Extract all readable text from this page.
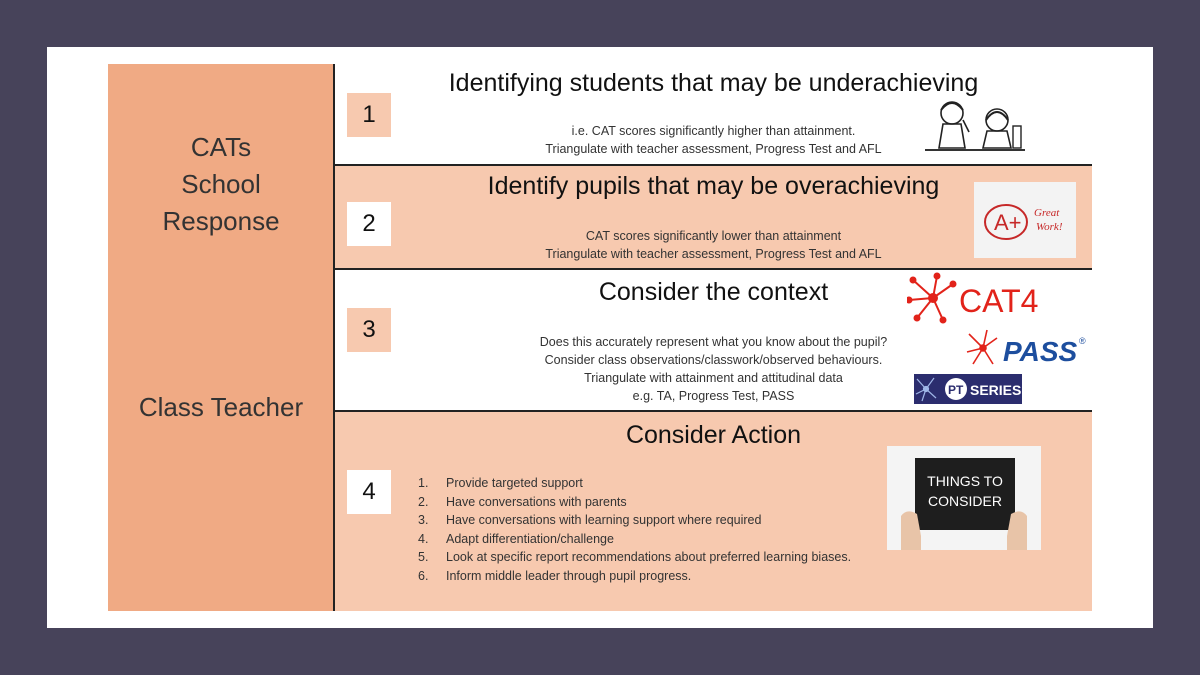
CATs
School
Response
Class Teacher
1
Identifying students that may be underachieving
i.e. CAT scores significantly higher than attainment.
Triangulate with teacher assessment, Progress Test and AFL
2
Identify pupils that may be overachieving
CAT scores significantly lower than attainment
Triangulate with teacher assessment, Progress Test and AFL
A+ Great
Work!
3
Consider the context
Does this accurately represent what you know about the pupil?
Consider class observations/classwork/observed behaviours.
Triangulate with attainment and attitudinal data
e.g. TA, Progress Test, PASS
CAT4
PASS ®
PT SERIES
4
Consider Action
1. Provide targeted support
2. Have conversations with parents
3. Have conversations with learning support where required
4. Adapt differentiation/challenge
5. Look at specific report recommendations about preferred learning biases.
6. Inform middle leader through pupil progress.
THINGS TO
CONSIDER
